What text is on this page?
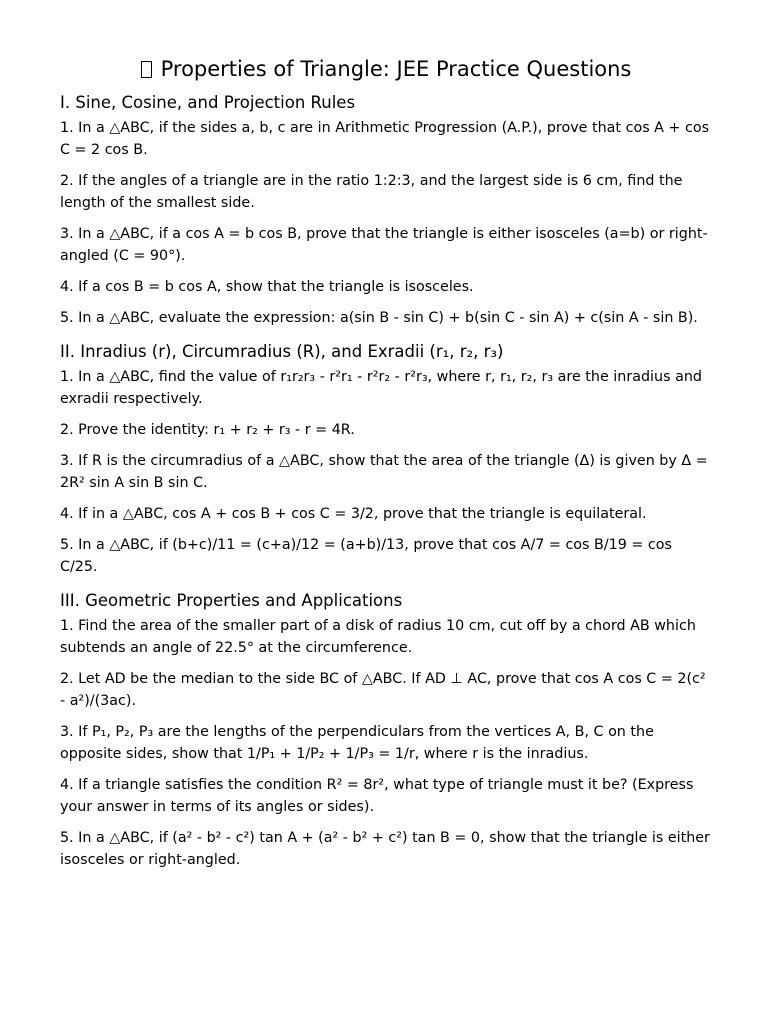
Properties of Triangle: JEE Practice Questions
I. Sine, Cosine, and Projection Rules

1. In a △ABC, if the sides a, b, c are in Arithmetic Progression (A.P.), prove that cos A + cos C = 2 cos B.

2. If the angles of a triangle are in the ratio 1:2:3, and the largest side is 6 cm, find the length of the smallest side.

3. In a △ABC, if a cos A = b cos B, prove that the triangle is either isosceles (a=b) or right-angled (C = 90°).

4. If a cos B = b cos A, show that the triangle is isosceles.

5. In a △ABC, evaluate the expression: a(sin B - sin C) + b(sin C - sin A) + c(sin A - sin B).

II. Inradius (r), Circumradius (R), and Exradii (r₁, r₂, r₃)

1. In a △ABC, find the value of r₁r₂r₃ - r²r₁ - r²r₂ - r²r₃, where r, r₁, r₂, r₃ are the inradius and exradii respectively.

2. Prove the identity: r₁ + r₂ + r₃ - r = 4R.

3. If R is the circumradius of a △ABC, show that the area of the triangle (Δ) is given by Δ = 2R² sin A sin B sin C.

4. If in a △ABC, cos A + cos B + cos C = 3/2, prove that the triangle is equilateral.

5. In a △ABC, if (b+c)/11 = (c+a)/12 = (a+b)/13, prove that cos A/7 = cos B/19 = cos C/25.

III. Geometric Properties and Applications

1. Find the area of the smaller part of a disk of radius 10 cm, cut off by a chord AB which subtends an angle of 22.5° at the circumference.

2. Let AD be the median to the side BC of △ABC. If AD ⊥ AC, prove that cos A cos C = 2(c² - a²)/(3ac).

3. If P₁, P₂, P₃ are the lengths of the perpendiculars from the vertices A, B, C on the opposite sides, show that 1/P₁ + 1/P₂ + 1/P₃ = 1/r, where r is the inradius.

4. If a triangle satisfies the condition R² = 8r², what type of triangle must it be? (Express your answer in terms of its angles or sides).

5. In a △ABC, if (a² - b² - c²) tan A + (a² - b² + c²) tan B = 0, show that the triangle is either isosceles or right-angled.
